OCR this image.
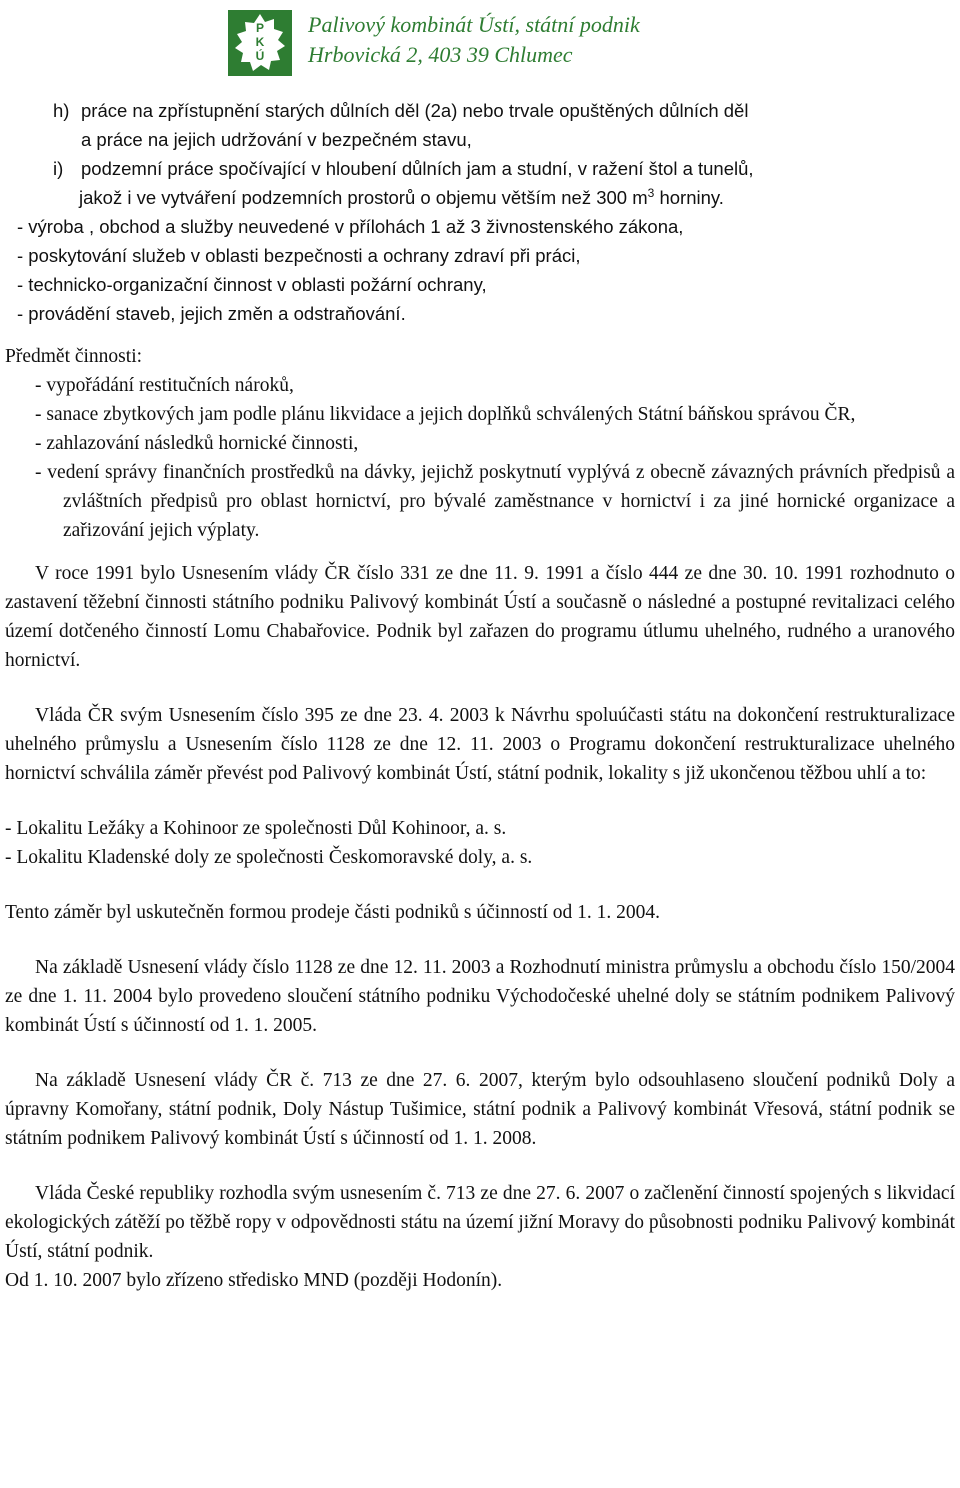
P
K
Ú
Palivový kombinát Ústí, státní podnik
Hrbovická 2, 403 39 Chlumec
h) práce na zpřístupnění starých důlních děl (2a) nebo trvale opuštěných důlních děl a práce na jejich udržování v bezpečném stavu,
i) podzemní práce spočívající v hloubení důlních jam a studní, v ražení štol a tunelů,
jakož i ve vytváření podzemních prostorů o objemu větším než 300 $m^3$ horniny.
- výroba , obchod a služby neuvedené v přílohách 1 až 3 živnostenského zákona,
- poskytování služeb v oblasti bezpečnosti a ochrany zdraví při práci,
- technicko-organizační činnost v oblasti požární ochrany,
- provádění staveb, jejich změn a odstraňování.
Předmět činnosti:
- vypořádání restitučních nároků,
- sanace zbytkových jam podle plánu likvidace a jejich doplňků schválených Státní báňskou správou ČR,
- zahlazování následků hornické činnosti,
- vedení správy finančních prostředků na dávky, jejichž poskytnutí vyplývá z obecně závazných právních předpisů a zvláštních předpisů pro oblast hornictví, pro bývalé zaměstnance v hornictví i za jiné hornické organizace a zařizování jejich výplaty.
V roce 1991 bylo Usnesením vlády ČR číslo 331 ze dne 11. 9. 1991 a číslo 444 ze dne 30. 10. 1991 rozhodnuto o zastavení těžební činnosti státního podniku Palivový kombinát Ústí a současně o následné a postupné revitalizaci celého území dotčeného činností Lomu Chabařovice. Podnik byl zařazen do programu útlumu uhelného, rudného a uranového hornictví.
Vláda ČR svým Usnesením číslo 395 ze dne 23. 4. 2003 k Návrhu spoluúčasti státu na dokončení restrukturalizace uhelného průmyslu a Usnesením číslo 1128 ze dne 12. 11. 2003 o Programu dokončení restrukturalizace uhelného hornictví schválila záměr převést pod Palivový kombinát Ústí, státní podnik, lokality s již ukončenou těžbou uhlí a to:
- Lokalitu Ležáky a Kohinoor ze společnosti Důl Kohinoor, a. s.
- Lokalitu Kladenské doly ze společnosti Českomoravské doly, a. s.
Tento záměr byl uskutečněn formou prodeje části podniků s účinností od 1. 1. 2004.
Na základě Usnesení vlády číslo 1128 ze dne 12. 11. 2003 a Rozhodnutí ministra průmyslu a obchodu číslo 150/2004 ze dne 1. 11. 2004 bylo provedeno sloučení státního podniku Východočeské uhelné doly se státním podnikem Palivový kombinát Ústí s účinností od 1. 1. 2005.
Na základě Usnesení vlády ČR č. 713 ze dne 27. 6. 2007, kterým bylo odsouhlaseno sloučení podniků Doly a úpravny Komořany, státní podnik, Doly Nástup Tušimice, státní podnik a Palivový kombinát Vřesová, státní podnik se státním podnikem Palivový kombinát Ústí s účinností od 1. 1. 2008.
Vláda České republiky rozhodla svým usnesením č. 713 ze dne 27. 6. 2007 o začlenění činností spojených s likvidací ekologických zátěží po těžbě ropy v odpovědnosti státu na území jižní Moravy do působnosti podniku Palivový kombinát Ústí, státní podnik.
Od 1. 10. 2007 bylo zřízeno středisko MND (později Hodonín).
